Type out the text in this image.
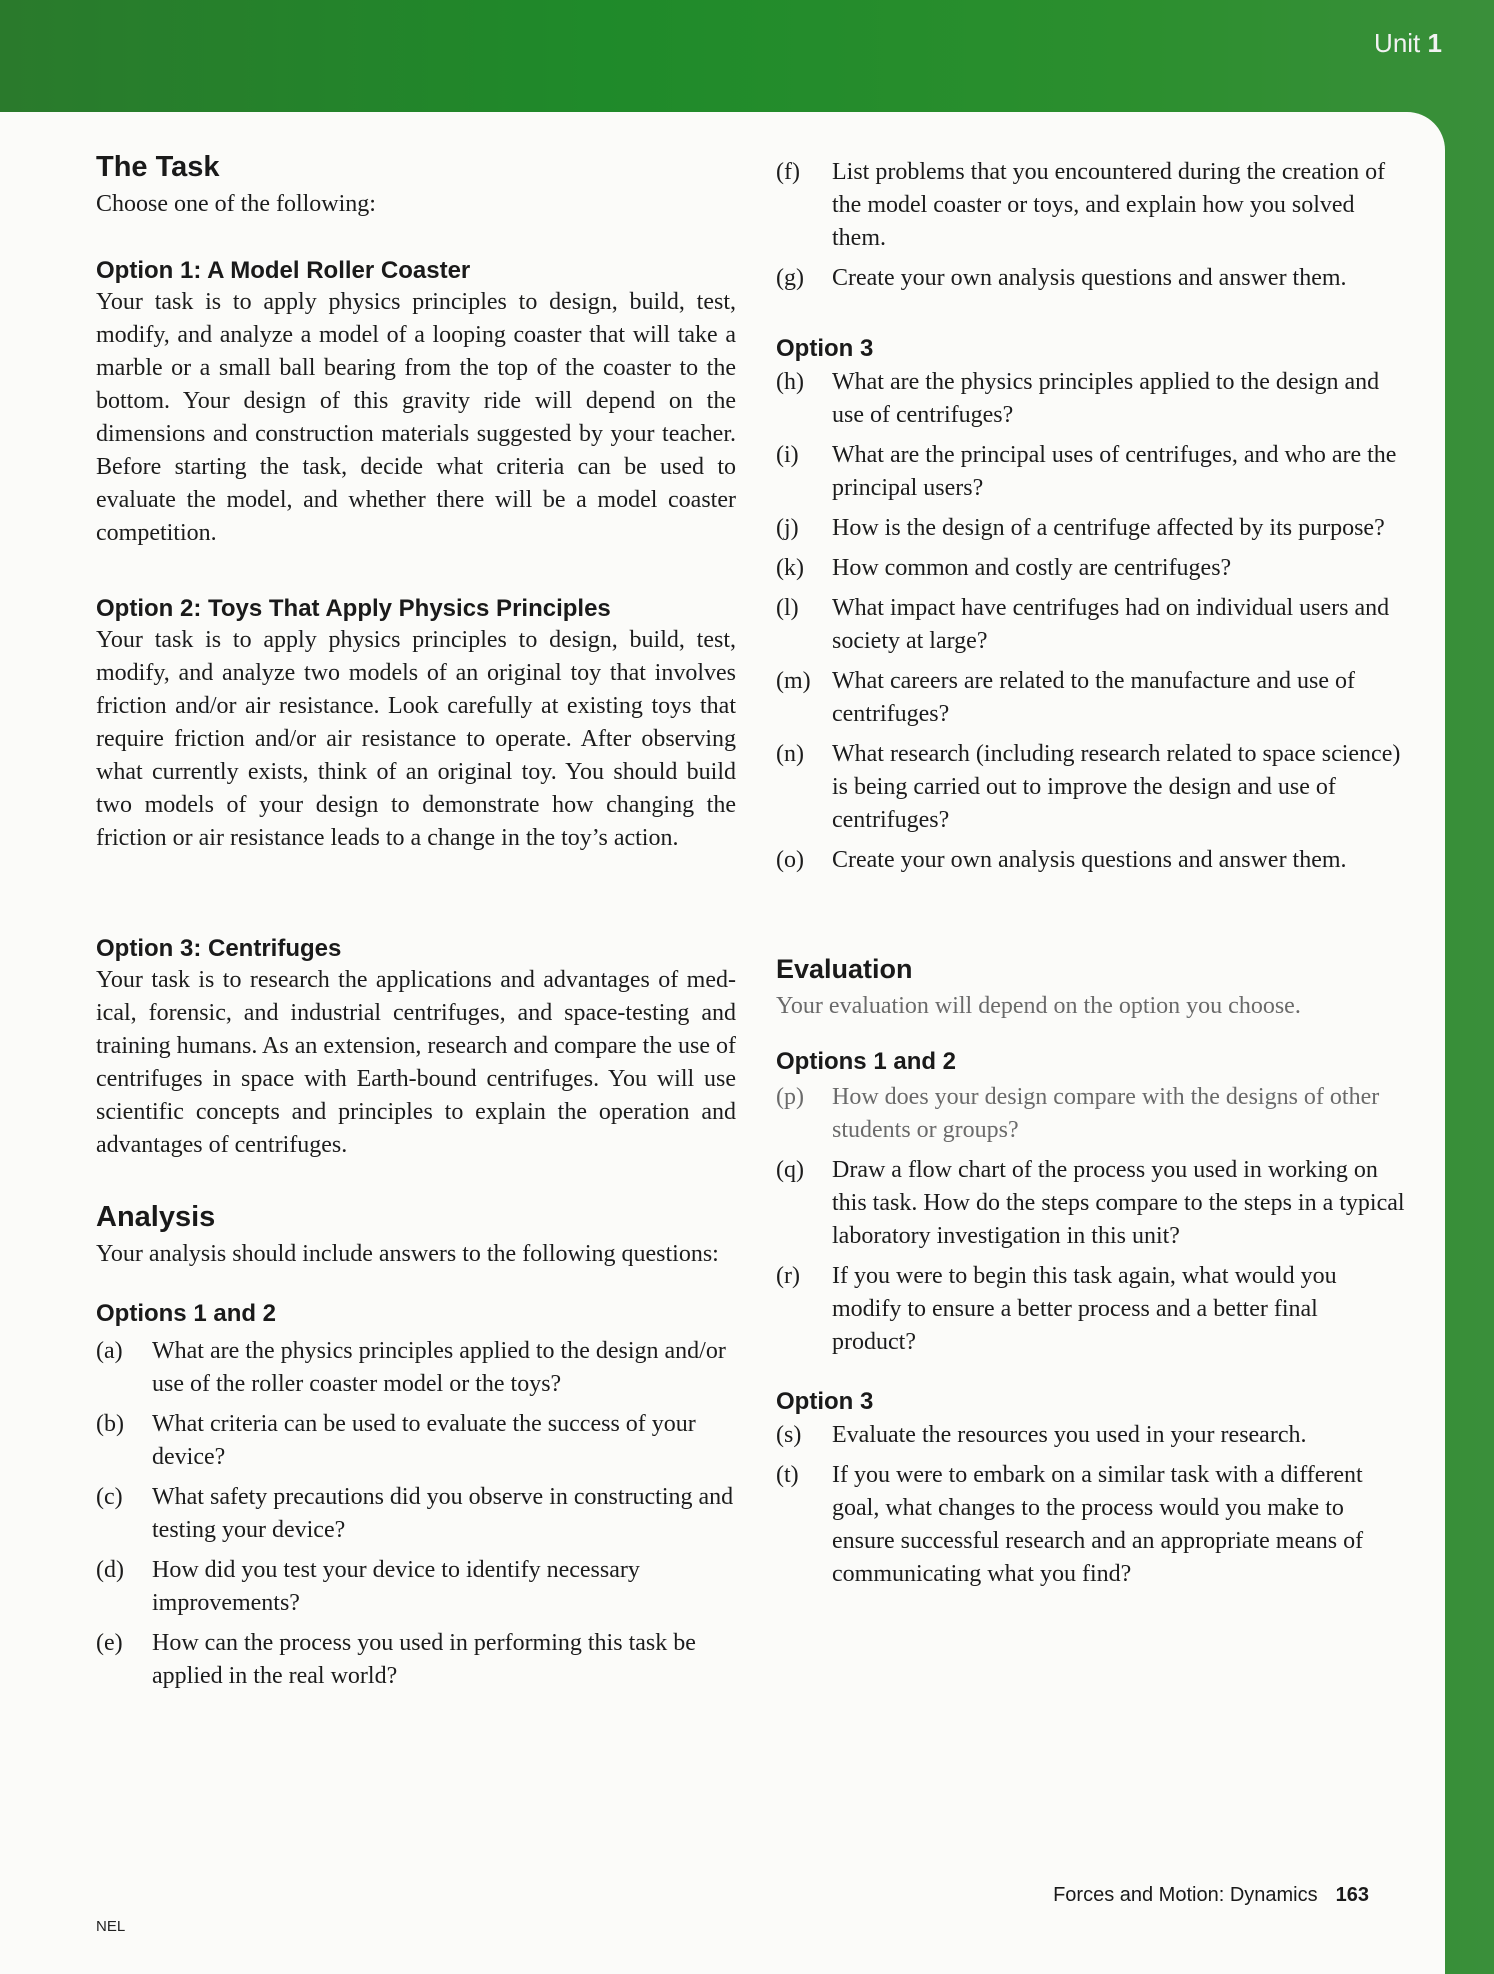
Unit 1
The Task

Choose one of the following:

Option 1: A Model Roller Coaster

Your task is to apply physics principles to design, build, test, modify, and analyze a model of a looping coaster that will take a marble or a small ball bearing from the top of the coaster to the bottom. Your design of this gravity ride will depend on the dimensions and construction materials suggested by your teacher. Before starting the task, decide what criteria can be used to evaluate the model, and whether there will be a model coaster competition.

Option 2: Toys That Apply Physics Principles

Your task is to apply physics principles to design, build, test, modify, and analyze two models of an original toy that involves friction and/or air resistance. Look carefully at existing toys that require friction and/or air resistance to operate. After observing what currently exists, think of an original toy. You should build two models of your design to demonstrate how changing the friction or air resistance leads to a change in the toy’s action.

Option 3: Centrifuges

Your task is to research the applications and advantages of med-ical, forensic, and industrial centrifuges, and space-testing and training humans. As an extension, research and compare the use of centrifuges in space with Earth-bound centrifuges. You will use scientific concepts and principles to explain the operation and advantages of centrifuges.

Analysis

Your analysis should include answers to the following questions:

Options 1 and 2
(a) What are the physics principles applied to the design and/or use of the roller coaster model or the toys?
(b) What criteria can be used to evaluate the success of your device?
(c) What safety precautions did you observe in constructing and testing your device?
(d) How did you test your device to identify necessary improvements?
(e) How can the process you used in performing this task be applied in the real world?
(f) List problems that you encountered during the creation of the model coaster or toys, and explain how you solved them.
(g) Create your own analysis questions and answer them.
Option 3
(h) What are the physics principles applied to the design and use of centrifuges?
(i) What are the principal uses of centrifuges, and who are the principal users?
(j) How is the design of a centrifuge affected by its purpose?
(k) How common and costly are centrifuges?
(l) What impact have centrifuges had on individual users and society at large?
(m) What careers are related to the manufacture and use of centrifuges?
(n) What research (including research related to space science) is being carried out to improve the design and use of centrifuges?
(o) Create your own analysis questions and answer them.
Evaluation

Your evaluation will depend on the option you choose.

Options 1 and 2
(p) How does your design compare with the designs of other students or groups?
(q) Draw a flow chart of the process you used in working on this task. How do the steps compare to the steps in a typical laboratory investigation in this unit?
(r) If you were to begin this task again, what would you modify to ensure a better process and a better final product?
Option 3
(s) Evaluate the resources you used in your research.
(t) If you were to embark on a similar task with a different goal, what changes to the process would you make to ensure successful research and an appropriate means of communicating what you find?
NEL
Forces and Motion: Dynamics 163
